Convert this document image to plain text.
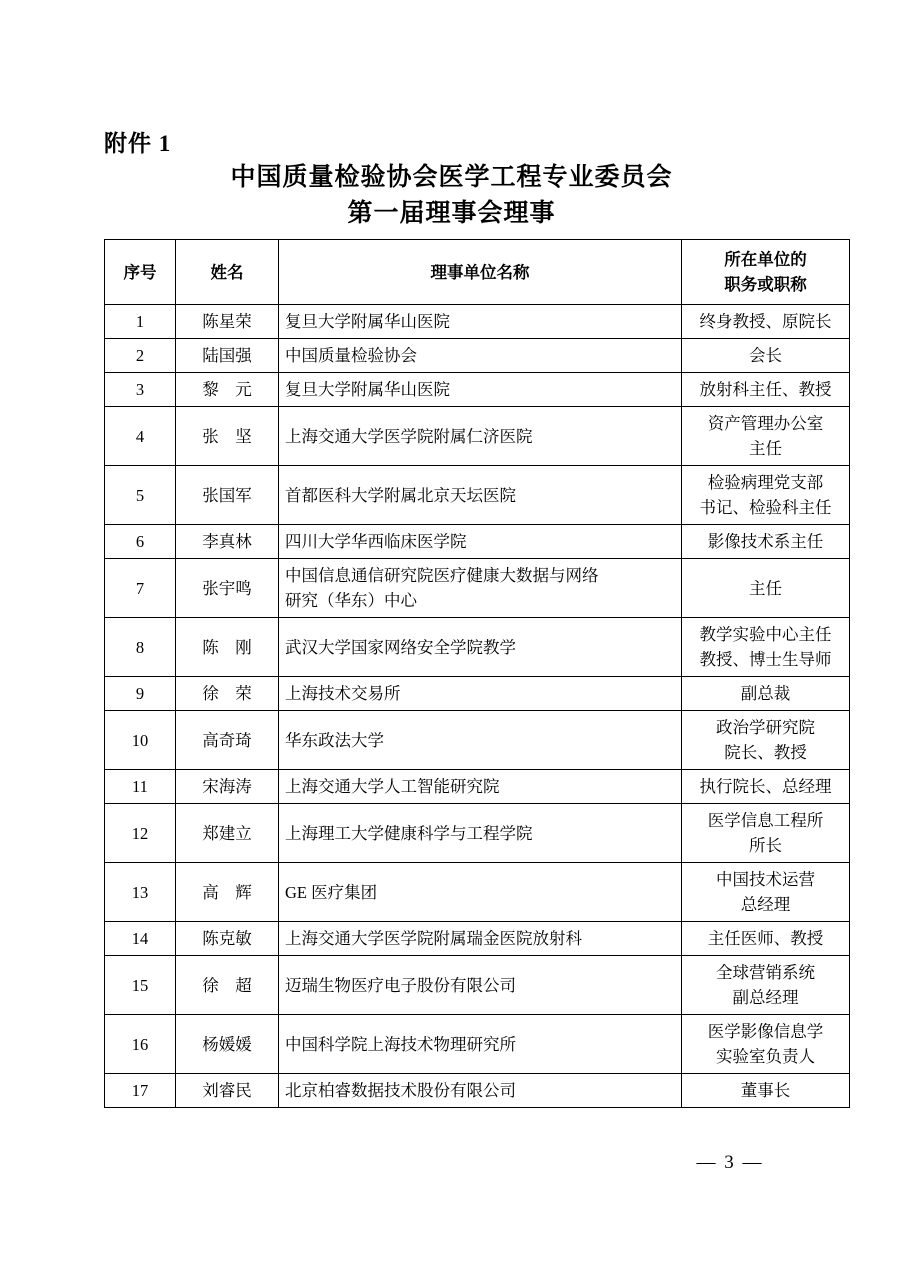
附件 1
中国质量检验协会医学工程专业委员会
第一届理事会理事
序号	姓名	理事单位名称	所在单位的
职务或职称

1	陈星荣	复旦大学附属华山医院	终身教授、原院长
2	陆国强	中国质量检验协会	会长
3	黎　元	复旦大学附属华山医院	放射科主任、教授
4	张　坚	上海交通大学医学院附属仁济医院	资产管理办公室
主任

5	张国军	首都医科大学附属北京天坛医院	检验病理党支部
书记、检验科主任

6	李真林	四川大学华西临床医学院	影像技术系主任
7	张宇鸣	中国信息通信研究院医疗健康大数据与网络
研究（华东）中心	主任
8	陈　刚	武汉大学国家网络安全学院教学	教学实验中心主任
教授、博士生导师

9	徐　荣	上海技术交易所	副总裁
10	高奇琦	华东政法大学	政治学研究院
院长、教授

11	宋海涛	上海交通大学人工智能研究院	执行院长、总经理
12	郑建立	上海理工大学健康科学与工程学院	医学信息工程所
所长

13	高　辉	GE 医疗集团	中国技术运营
总经理

14	陈克敏	上海交通大学医学院附属瑞金医院放射科	主任医师、教授
15	徐　超	迈瑞生物医疗电子股份有限公司	全球营销系统
副总经理

16	杨媛媛	中国科学院上海技术物理研究所	医学影像信息学
实验室负责人

17	刘睿民	北京柏睿数据技术股份有限公司	董事长
— 3 —
